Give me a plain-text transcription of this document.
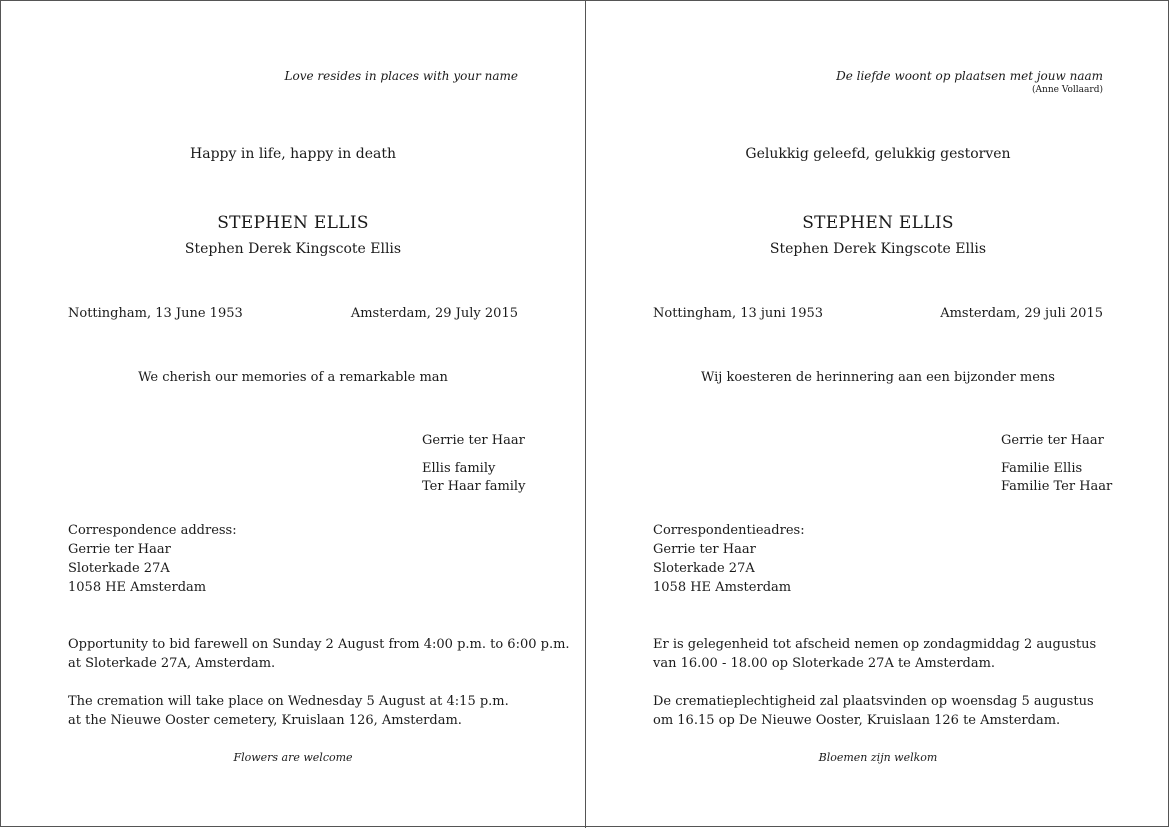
Love resides in places with your name
Happy in life, happy in death
STEPHEN ELLIS
Stephen Derek Kingscote Ellis
Nottingham, 13 June 1953	Amsterdam, 29 July 2015
We cherish our memories of a remarkable man
Gerrie ter Haar
Ellis family
Ter Haar family
Correspondence address:
Gerrie ter Haar
Sloterkade 27A
1058 HE Amsterdam
Opportunity to bid farewell on Sunday 2 August from 4:00 p.m. to 6:00 p.m.
at Sloterkade 27A, Amsterdam.
The cremation will take place on Wednesday 5 August at 4:15 p.m.
at the Nieuwe Ooster cemetery, Kruislaan 126, Amsterdam.
Flowers are welcome
De liefde woont op plaatsen met jouw naam
(Anne Vollaard)
Gelukkig geleefd, gelukkig gestorven
STEPHEN ELLIS
Stephen Derek Kingscote Ellis
Nottingham, 13 juni 1953	Amsterdam, 29 juli 2015
Wij koesteren de herinnering aan een bijzonder mens
Gerrie ter Haar
Familie Ellis
Familie Ter Haar
Correspondentieadres:
Gerrie ter Haar
Sloterkade 27A
1058 HE Amsterdam
Er is gelegenheid tot afscheid nemen op zondagmiddag 2 augustus
van 16.00 - 18.00 op Sloterkade 27A te Amsterdam.
De crematieplechtigheid zal plaatsvinden op woensdag 5 augustus
om 16.15 op De Nieuwe Ooster, Kruislaan 126 te Amsterdam.
Bloemen zijn welkom
